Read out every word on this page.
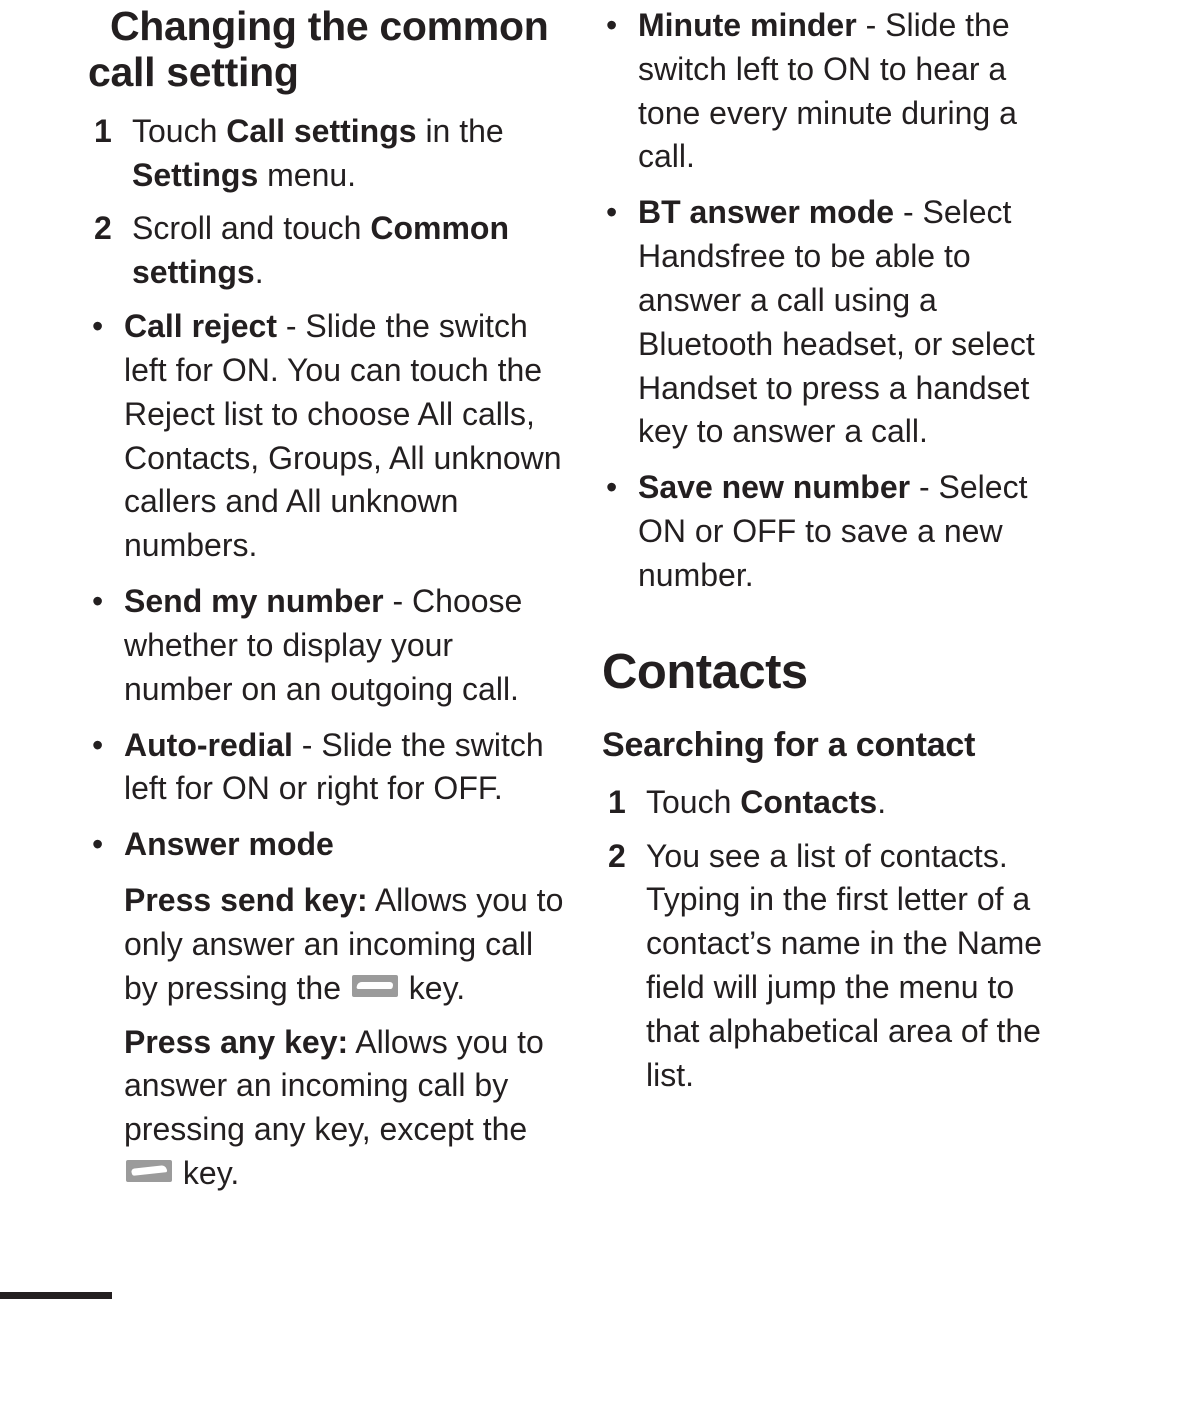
Changing the common
call setting
1 Touch Call settings in the Settings menu.
2 Scroll and touch Common settings.
• Call reject - Slide the switch left for ON. You can touch the Reject list to choose All calls, Contacts, Groups, All unknown callers and All unknown numbers.
• Send my number - Choose whether to display your number on an outgoing call.
• Auto-redial - Slide the switch left for ON or right for OFF.
• Answer mode

Press send key: Allows you to only answer an incoming call by pressing the  key.

Press any key: Allows you to answer an incoming call by pressing any key, except the  key.

• Minute minder - Slide the switch left to ON to hear a tone every minute during a call.
• BT answer mode - Select Handsfree to be able to answer a call using a Bluetooth headset, or select Handset to press a handset key to answer a call.
• Save new number - Select ON or OFF to save a new number.
Contacts
Searching for a contact
1 Touch Contacts.
2 You see a list of contacts. Typing in the first letter of a contact’s name in the Name field will jump the menu to that alphabetical area of the list.
